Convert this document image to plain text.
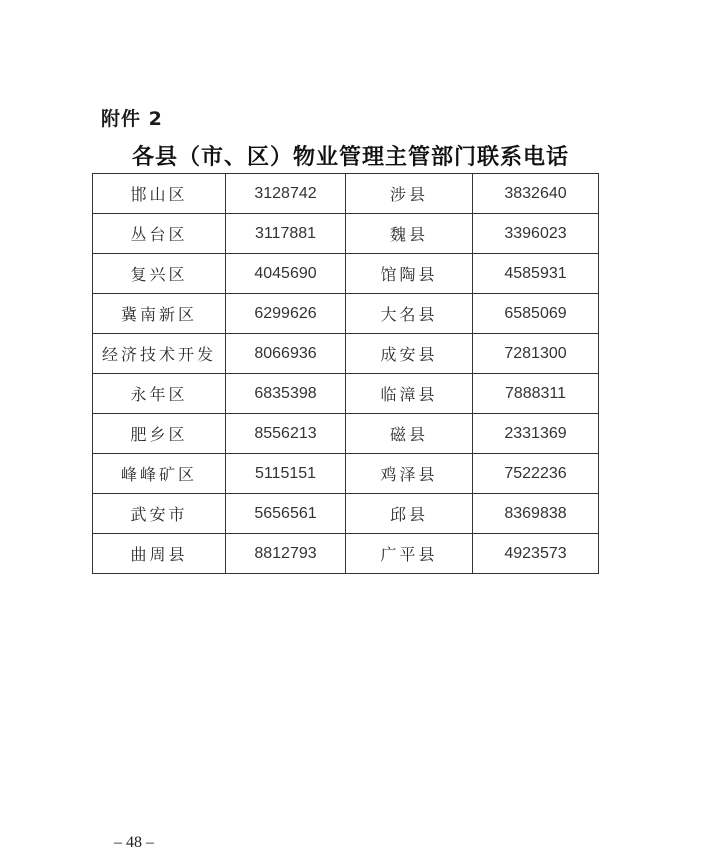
附件 2
各县（市、区）物业管理主管部门联系电话
邯山区	3128742	涉县	3832640
丛台区	3117881	魏县	3396023
复兴区	4045690	馆陶县	4585931
冀南新区	6299626	大名县	6585069
经济技术开发	8066936	成安县	7281300
永年区	6835398	临漳县	7888311
肥乡区	8556213	磁县	2331369
峰峰矿区	5115151	鸡泽县	7522236
武安市	5656561	邱县	8369838
曲周县	8812793	广平县	4923573
– 48 –
